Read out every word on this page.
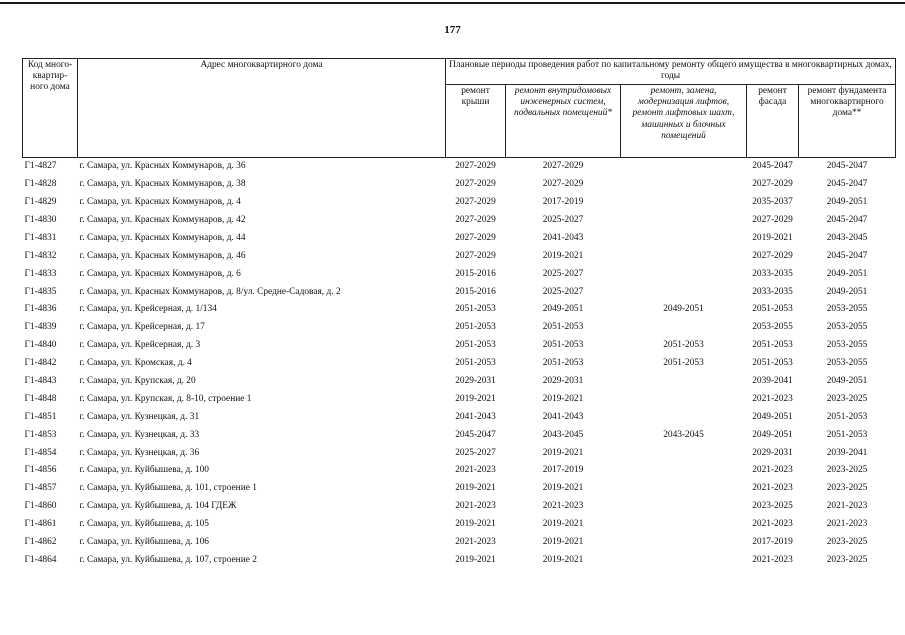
177
Код много-квартир-ного дома	Адрес многоквартирного дома	Плановые периоды проведения работ по капитальному ремонту общего имущества в многоквартирных домах, годы				
		ремонт крыши	ремонт внутридомовых инженерных систем, подвальных помещений*	ремонт, замена, модернизация лифтов, ремонт лифтовых шахт, машинных и блочных помещений	ремонт фасада	ремонт фундамента многоквартирного дома**
Г1-4827	г. Самара, ул. Красных Коммунаров, д. 36	2027-2029	2027-2029		2045-2047	2045-2047
Г1-4828	г. Самара, ул. Красных Коммунаров, д. 38	2027-2029	2027-2029		2027-2029	2045-2047
Г1-4829	г. Самара, ул. Красных Коммунаров, д. 4	2027-2029	2017-2019		2035-2037	2049-2051
Г1-4830	г. Самара, ул. Красных Коммунаров, д. 42	2027-2029	2025-2027		2027-2029	2045-2047
Г1-4831	г. Самара, ул. Красных Коммунаров, д. 44	2027-2029	2041-2043		2019-2021	2043-2045
Г1-4832	г. Самара, ул. Красных Коммунаров, д. 46	2027-2029	2019-2021		2027-2029	2045-2047
Г1-4833	г. Самара, ул. Красных Коммунаров, д. 6	2015-2016	2025-2027		2033-2035	2049-2051
Г1-4835	г. Самара, ул. Красных Коммунаров, д. 8/ул. Средне-Садовая, д. 2	2015-2016	2025-2027		2033-2035	2049-2051
Г1-4836	г. Самара, ул. Крейсерная, д. 1/134	2051-2053	2049-2051	2049-2051	2051-2053	2053-2055
Г1-4839	г. Самара, ул. Крейсерная, д. 17	2051-2053	2051-2053		2053-2055	2053-2055
Г1-4840	г. Самара, ул. Крейсерная, д. 3	2051-2053	2051-2053	2051-2053	2051-2053	2053-2055
Г1-4842	г. Самара, ул. Кромская, д. 4	2051-2053	2051-2053	2051-2053	2051-2053	2053-2055
Г1-4843	г. Самара, ул. Крупская, д. 20	2029-2031	2029-2031		2039-2041	2049-2051
Г1-4848	г. Самара, ул. Крупская, д. 8-10, строение 1	2019-2021	2019-2021		2021-2023	2023-2025
Г1-4851	г. Самара, ул. Кузнецкая, д. 31	2041-2043	2041-2043		2049-2051	2051-2053
Г1-4853	г. Самара, ул. Кузнецкая, д. 33	2045-2047	2043-2045	2043-2045	2049-2051	2051-2053
Г1-4854	г. Самара, ул. Кузнецкая, д. 36	2025-2027	2019-2021		2029-2031	2039-2041
Г1-4856	г. Самара, ул. Куйбышева, д. 100	2021-2023	2017-2019		2021-2023	2023-2025
Г1-4857	г. Самара, ул. Куйбышева, д. 101, строение 1	2019-2021	2019-2021		2021-2023	2023-2025
Г1-4860	г. Самара, ул. Куйбышева, д. 104 ГДЕЖ	2021-2023	2021-2023		2023-2025	2021-2023
Г1-4861	г. Самара, ул. Куйбышева, д. 105	2019-2021	2019-2021		2021-2023	2021-2023
Г1-4862	г. Самара, ул. Куйбышева, д. 106	2021-2023	2019-2021		2017-2019	2023-2025
Г1-4864	г. Самара, ул. Куйбышева, д. 107, строение 2	2019-2021	2019-2021		2021-2023	2023-2025
